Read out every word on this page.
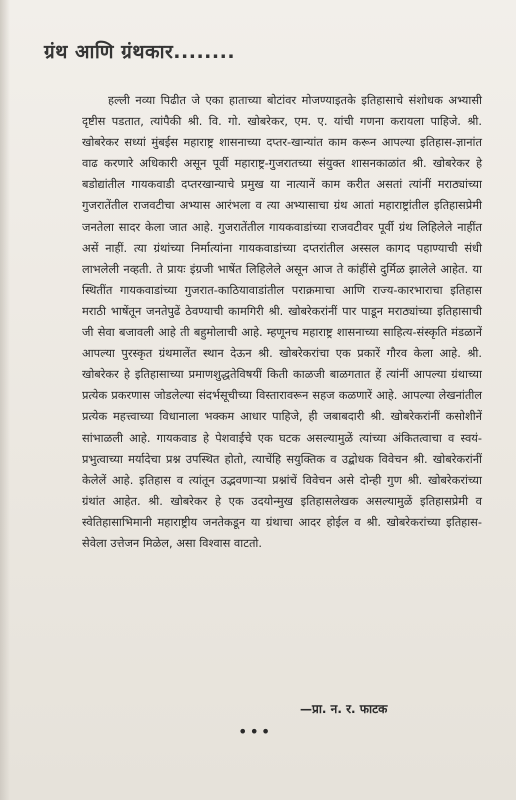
ग्रंथ आणि ग्रंथकार........

हल्ली नव्या पिढीत जे एका हाताच्या बोटांवर मोजण्याइतके इतिहासाचे संशोधक अभ्यासी दृष्टीस पडतात, त्यांपैकी श्री. वि. गो. खोबरेकर, एम. ए. यांची गणना करायला पाहिजे. श्री. खोबरेकर सध्यां मुंबईस महाराष्ट्र शासनाच्या दप्तर-खान्यांत काम करून आपल्या इतिहास-ज्ञानांत वाढ करणारे अधिकारी असून पूर्वी महाराष्ट्र-गुजरातच्या संयुक्त शासनकाळांत श्री. खोबरेकर हे बडोद्यांतील गायकवाडी दप्तरखान्याचे प्रमुख या नात्यानें काम करीत असतां त्यांनीं मराठ्यांच्या गुजरातेंतील राजवटीचा अभ्यास आरंभला व त्या अभ्यासाचा ग्रंथ आतां महाराष्ट्रांतील इतिहासप्रेमी जनतेला सादर केला जात आहे. गुजरातेंतील गायकवाडांच्या राजवटीवर पूर्वी ग्रंथ लिहिलेले नाहींत असें नाहीं. त्या ग्रंथांच्या निर्मात्यांना गायकवाडांच्या दप्तरांतील अस्सल कागद पहाण्याची संधी लाभलेली नव्हती. ते प्रायः इंग्रजी भाषेंत लिहिलेले असून आज ते कांहींसे दुर्मिळ झालेले आहेत. या स्थितींत गायकवाडांच्या गुजरात-काठियावाडांतील पराक्रमाचा आणि राज्य-कारभाराचा इतिहास मराठी भाषेंतून जनतेपुढें ठेवण्याची कामगिरी श्री. खोबरेकरांनीं पार पाडून मराठ्यांच्या इतिहासाची जी सेवा बजावली आहे ती बहुमोलाची आहे. म्हणूनच महाराष्ट्र शासनाच्या साहित्य-संस्कृति मंडळानें आपल्या पुरस्कृत ग्रंथमालेंत स्थान देऊन श्री. खोबरेकरांचा एक प्रकारें गौरव केला आहे. श्री. खोबरेकर हे इतिहासाच्या प्रमाणशुद्धतेविषयीं किती काळजी बाळगतात हें त्यांनीं आपल्या ग्रंथाच्या प्रत्येक प्रकरणास जोडलेल्या संदर्भसूचीच्या विस्तारावरून सहज कळणारें आहे. आपल्या लेखनांतील प्रत्येक महत्त्वाच्या विधानाला भक्कम आधार पाहिजे, ही जबाबदारी श्री. खोबरेकरांनीं कसोशीनें सांभाळली आहे. गायकवाड हे पेशवाईचे एक घटक असल्यामुळें त्यांच्या अंकितत्वाचा व स्वयं-प्रभुत्वाच्या मर्यादेचा प्रश्न उपस्थित होतो, त्याचेंहि सयुक्तिक व उद्बोधक विवेचन श्री. खोबरेकरांनीं केलेलें आहे. इतिहास व त्यांतून उद्भवणाऱ्या प्रश्नांचें विवेचन असे दोन्ही गुण श्री. खोबरेकरांच्या ग्रंथांत आहेत. श्री. खोबरेकर हे एक उदयोन्मुख इतिहासलेखक असल्यामुळें इतिहासप्रेमी व स्वेतिहासाभिमानी महाराष्ट्रीय जनतेकडून या ग्रंथाचा आदर होईल व श्री. खोबरेकरांच्या इतिहास-सेवेला उत्तेजन मिळेल, असा विश्वास वाटतो.

—प्रा. न. र. फाटक
•••
